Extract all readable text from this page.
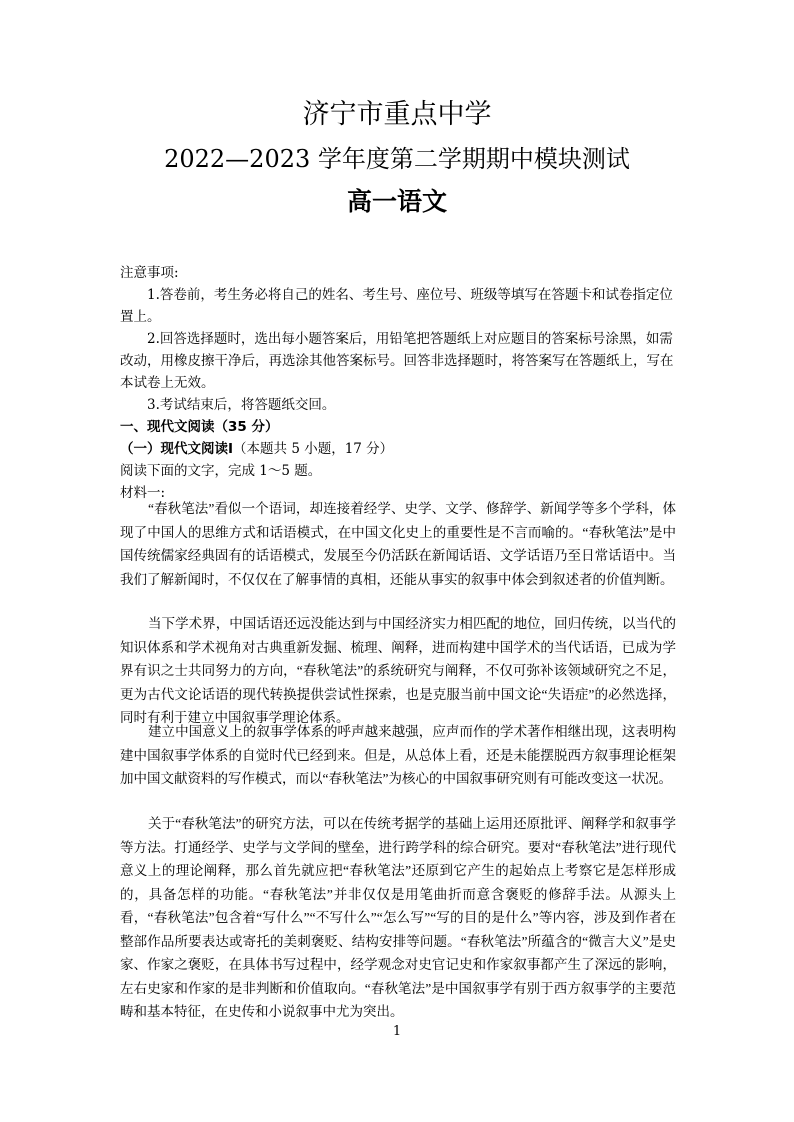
济宁市重点中学
2022—2023 学年度第二学期期中模块测试
高一语文

注意事项:

1.答卷前，考生务必将自己的姓名、考生号、座位号、班级等填写在答题卡和试卷指定位置上。

2.回答选择题时，选出每小题答案后，用铅笔把答题纸上对应题目的答案标号涂黑，如需改动，用橡皮擦干净后，再选涂其他答案标号。回答非选择题时，将答案写在答题纸上，写在本试卷上无效。

3.考试结束后，将答题纸交回。

一、现代文阅读（35 分）

（一）现代文阅读Ⅰ（本题共 5 小题，17 分）

阅读下面的文字，完成 1～5 题。

材料一:

“春秋笔法”看似一个语词，却连接着经学、史学、文学、修辞学、新闻学等多个学科，体现了中国人的思维方式和话语模式，在中国文化史上的重要性是不言而喻的。“春秋笔法”是中国传统儒家经典固有的话语模式，发展至今仍活跃在新闻话语、文学话语乃至日常话语中。当我们了解新闻时，不仅仅在了解事情的真相，还能从事实的叙事中体会到叙述者的价值判断。

当下学术界，中国话语还远没能达到与中国经济实力相匹配的地位，回归传统，以当代的知识体系和学术视角对古典重新发掘、梳理、阐释，进而构建中国学术的当代话语，已成为学界有识之士共同努力的方向，“春秋笔法”的系统研究与阐释，不仅可弥补该领域研究之不足，更为古代文论话语的现代转换提供尝试性探索，也是克服当前中国文论“失语症”的必然选择，同时有利于建立中国叙事学理论体系。

建立中国意义上的叙事学体系的呼声越来越强，应声而作的学术著作相继出现，这表明构建中国叙事学体系的自觉时代已经到来。但是，从总体上看，还是未能摆脱西方叙事理论框架加中国文献资料的写作模式，而以“春秋笔法”为核心的中国叙事研究则有可能改变这一状况。

关于“春秋笔法”的研究方法，可以在传统考据学的基础上运用还原批评、阐释学和叙事学等方法。打通经学、史学与文学间的壁垒，进行跨学科的综合研究。要对“春秋笔法”进行现代意义上的理论阐释，那么首先就应把“春秋笔法”还原到它产生的起始点上考察它是怎样形成的，具备怎样的功能。“春秋笔法”并非仅仅是用笔曲折而意含褒贬的修辞手法。从源头上看，“春秋笔法”包含着“写什么”“不写什么”“怎么写”“写的目的是什么”等内容，涉及到作者在整部作品所要表达或寄托的美刺褒贬、结构安排等问题。“春秋笔法”所蕴含的“微言大义”是史家、作家之褒贬，在具体书写过程中，经学观念对史官记史和作家叙事都产生了深远的影响，左右史家和作家的是非判断和价值取向。“春秋笔法”是中国叙事学有别于西方叙事学的主要范畴和基本特征，在史传和小说叙事中尤为突出。

1
